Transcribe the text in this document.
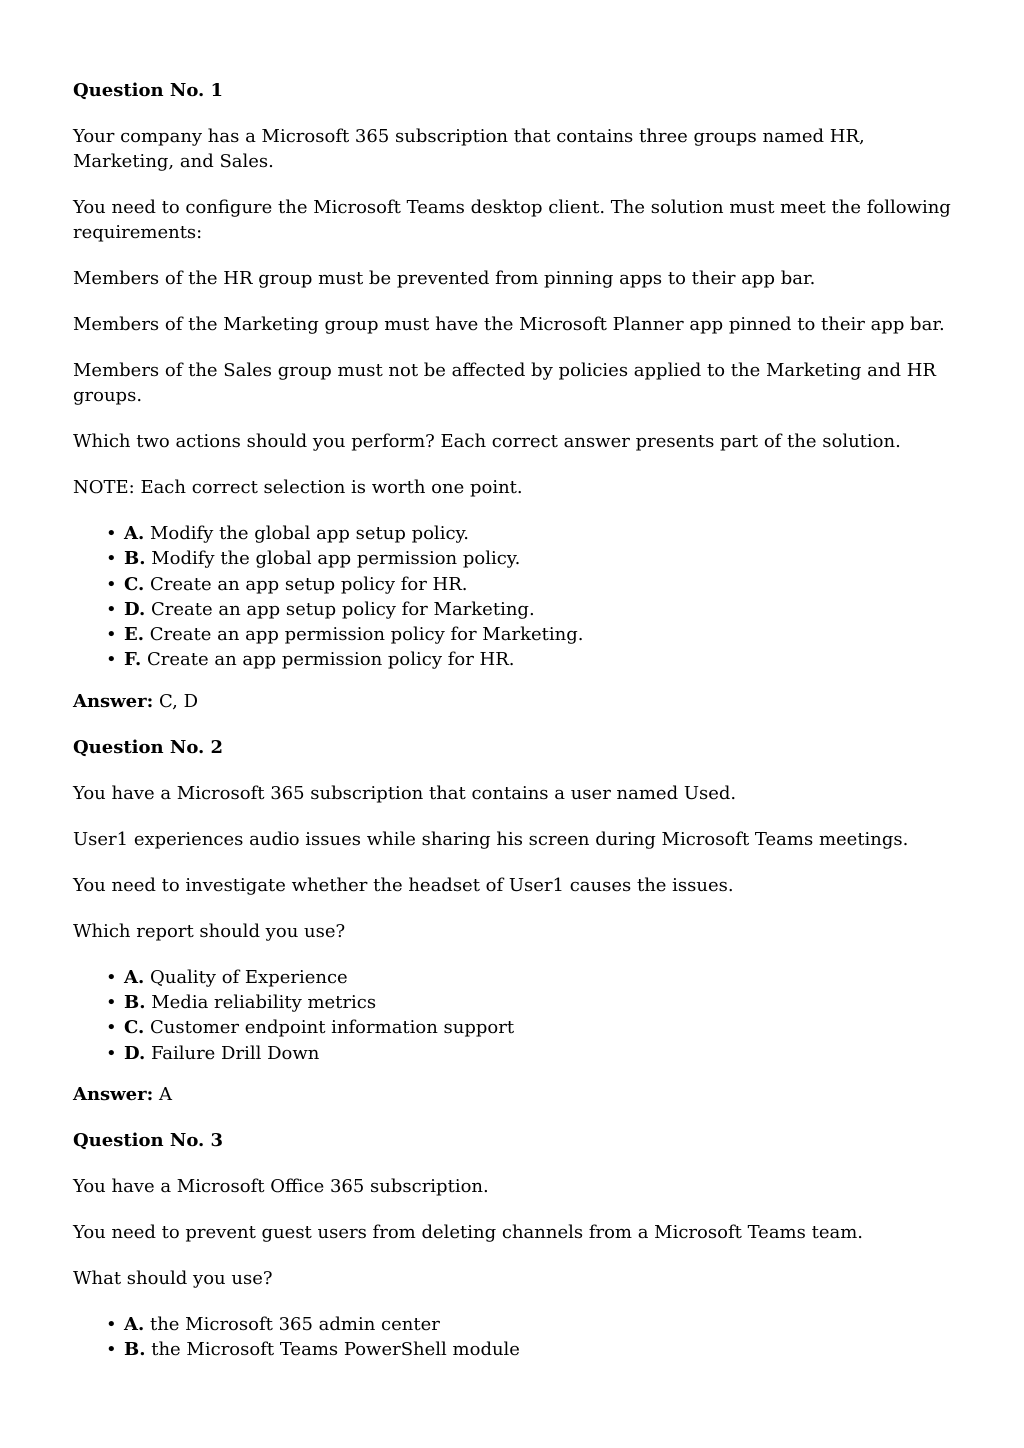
Question No. 1

Your company has a Microsoft 365 subscription that contains three groups named HR, Marketing, and Sales.

You need to configure the Microsoft Teams desktop client. The solution must meet the following requirements:

Members of the HR group must be prevented from pinning apps to their app bar.

Members of the Marketing group must have the Microsoft Planner app pinned to their app bar.

Members of the Sales group must not be affected by policies applied to the Marketing and HR groups.

Which two actions should you perform? Each correct answer presents part of the solution.

NOTE: Each correct selection is worth one point.

• A. Modify the global app setup policy.
• B. Modify the global app permission policy.
• C. Create an app setup policy for HR.
• D. Create an app setup policy for Marketing.
• E. Create an app permission policy for Marketing.
• F. Create an app permission policy for HR.
Answer: C, D
Question No. 2

You have a Microsoft 365 subscription that contains a user named Used.

User1 experiences audio issues while sharing his screen during Microsoft Teams meetings.

You need to investigate whether the headset of User1 causes the issues.

Which report should you use?

• A. Quality of Experience
• B. Media reliability metrics
• C. Customer endpoint information support
• D. Failure Drill Down
Answer: A
Question No. 3

You have a Microsoft Office 365 subscription.

You need to prevent guest users from deleting channels from a Microsoft Teams team.

What should you use?

• A. the Microsoft 365 admin center
• B. the Microsoft Teams PowerShell module
